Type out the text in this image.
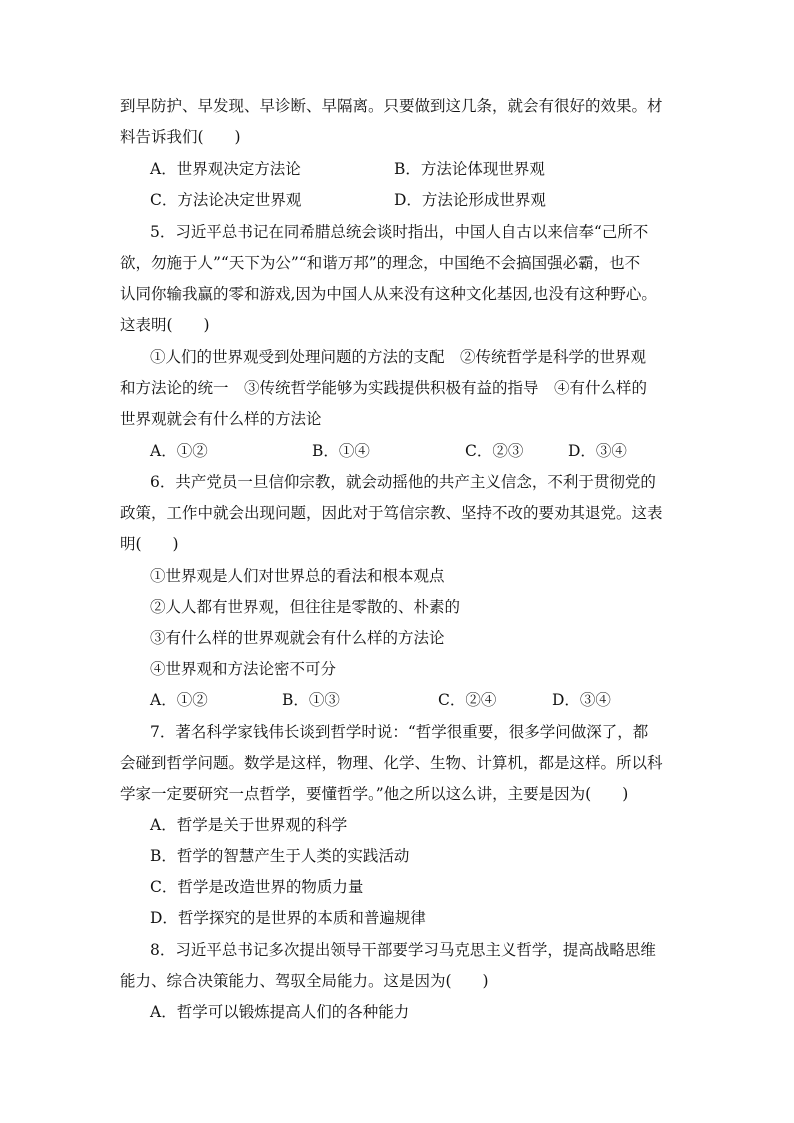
到早防护、早发现、早诊断、早隔离。只要做到这几条，就会有很好的效果。材
料告诉我们(　　)
A．世界观决定方法论	B．方法论体现世界观
C．方法论决定世界观	D．方法论形成世界观
5．习近平总书记在同希腊总统会谈时指出，中国人自古以来信奉“己所不
欲，勿施于人”“天下为公”“和谐万邦”的理念，中国绝不会搞国强必霸，也不
认同你输我赢的零和游戏,因为中国人从来没有这种文化基因,也没有这种野心。
这表明(　　)
①人们的世界观受到处理问题的方法的支配　②传统哲学是科学的世界观
和方法论的统一　③传统哲学能够为实践提供积极有益的指导　④有什么样的
世界观就会有什么样的方法论
A．①②	B．①④	C．②③	D．③④
6．共产党员一旦信仰宗教，就会动摇他的共产主义信念，不利于贯彻党的
政策，工作中就会出现问题，因此对于笃信宗教、坚持不改的要劝其退党。这表
明(　　)
①世界观是人们对世界总的看法和根本观点
②人人都有世界观，但往往是零散的、朴素的
③有什么样的世界观就会有什么样的方法论
④世界观和方法论密不可分
A．①②	B．①③	C．②④	D．③④
7．著名科学家钱伟长谈到哲学时说：“哲学很重要，很多学问做深了，都
会碰到哲学问题。数学是这样，物理、化学、生物、计算机，都是这样。所以科
学家一定要研究一点哲学，要懂哲学。”他之所以这么讲，主要是因为(　　)
A．哲学是关于世界观的科学
B．哲学的智慧产生于人类的实践活动
C．哲学是改造世界的物质力量
D．哲学探究的是世界的本质和普遍规律
8．习近平总书记多次提出领导干部要学习马克思主义哲学，提高战略思维
能力、综合决策能力、驾驭全局能力。这是因为(　　)
A．哲学可以锻炼提高人们的各种能力
